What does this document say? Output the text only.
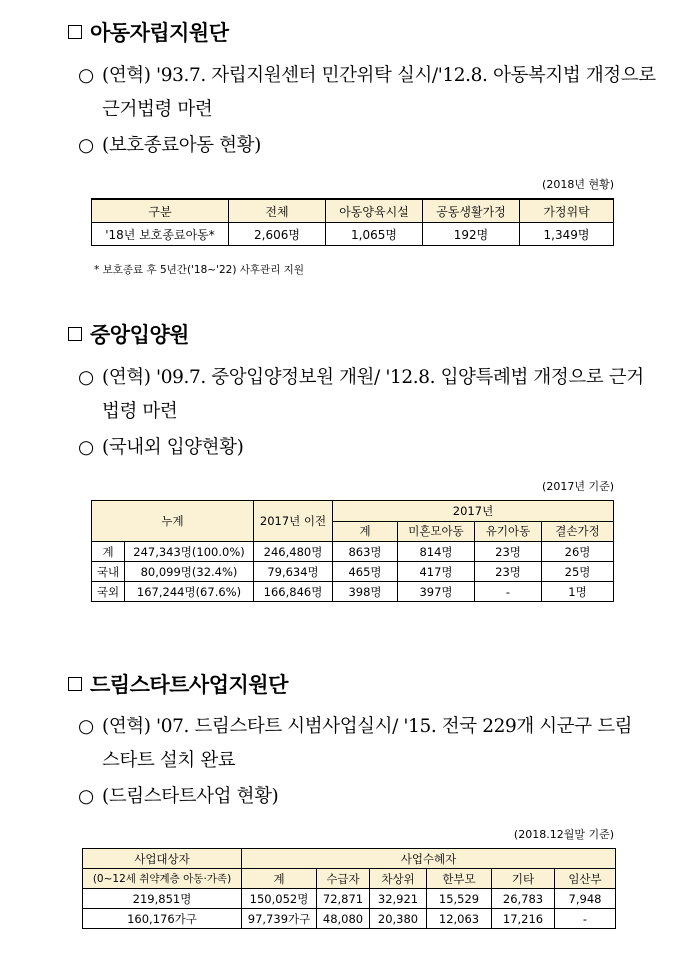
아동자립지원단
○ (연혁) '93.7. 자립지원센터 민간위탁 실시/'12.8. 아동복지법 개정으로
근거법령 마련
○ (보호종료아동 현황)
(2018년 현황)
구분	전체	아동양육시설	공동생활가정	가정위탁
'18년 보호종료아동*	2,606명	1,065명	192명	1,349명
* 보호종료 후 5년간('18~'22) 사후관리 지원
중앙입양원
○ (연혁) '09.7. 중앙입양정보원 개원/ '12.8. 입양특례법 개정으로 근거
법령 마련
○ (국내외 입양현황)
(2017년 기준)
누계		2017년 이전	2017년			
			계	미혼모아동	유기아동	결손가정
계	247,343명(100.0%)	246,480명	863명	814명	23명	26명
국내	80,099명(32.4%)	79,634명	465명	417명	23명	25명
국외	167,244명(67.6%)	166,846명	398명	397명	-	1명
드림스타트사업지원단
○ (연혁) '07. 드림스타트 시범사업실시/ '15. 전국 229개 시군구 드림
스타트 설치 완료
○ (드림스타트사업 현황)
(2018.12월말 기준)
사업대상자	사업수혜자					
(0~12세 취약계층 아동·가족)	계	수급자	차상위	한부모	기타	임산부
219,851명	150,052명	72,871	32,921	15,529	26,783	7,948
160,176가구	97,739가구	48,080	20,380	12,063	17,216	-
